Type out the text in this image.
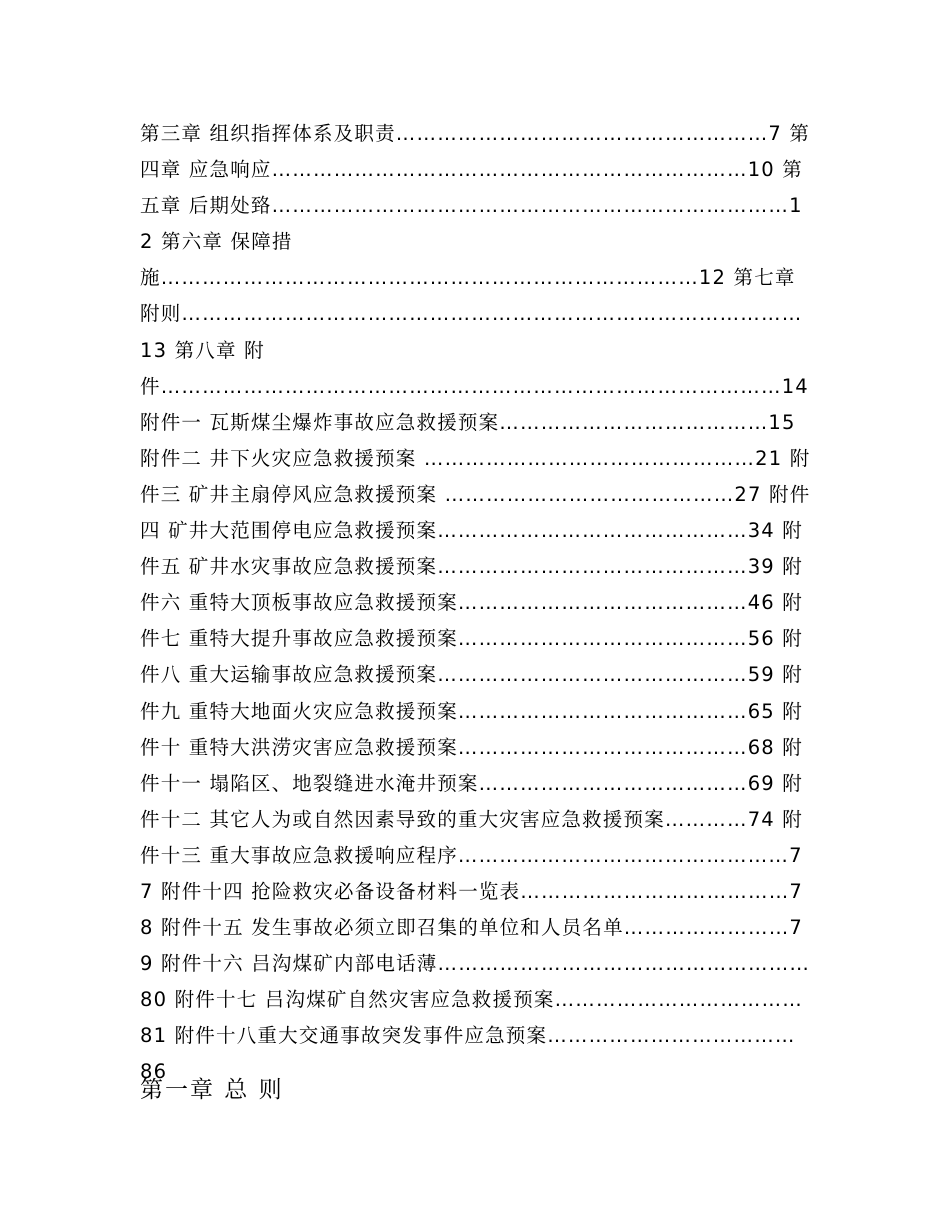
第三章 组织指挥体系及职责………………………………………………7 第四章 应急响应……………………………………………………………10 第五章 后期处臵…………………………………………………………………12 第六章 保障措施……………………………………………………………………12 第七章 附则………………………………………………………………………………13 第八章 附件………………………………………………………………………………14 附件一 瓦斯煤尘爆炸事故应急救援预案…………………………………15 附件二 井下火灾应急救援预案 …………………………………………21 附件三 矿井主扇停风应急救援预案 ……………………………………27 附件四 矿井大范围停电应急救援预案………………………………………34 附件五 矿井水灾事故应急救援预案………………………………………39 附件六 重特大顶板事故应急救援预案……………………………………46 附件七 重特大提升事故应急救援预案……………………………………56 附件八 重大运输事故应急救援预案………………………………………59 附件九 重特大地面火灾应急救援预案……………………………………65 附件十 重特大洪涝灾害应急救援预案……………………………………68 附件十一 塌陷区、地裂缝进水淹井预案…………………………………69 附件十二 其它人为或自然因素导致的重大灾害应急救援预案…………74 附件十三 重大事故应急救援响应程序…………………………………………77 附件十四 抢险救灾必备设备材料一览表…………………………………78 附件十五 发生事故必须立即召集的单位和人员名单……………………79 附件十六 吕沟煤矿内部电话薄………………………………………………80 附件十七 吕沟煤矿自然灾害应急救援预案………………………………81 附件十八重大交通事故突发事件应急预案……………………………… 86

第一章 总 则
